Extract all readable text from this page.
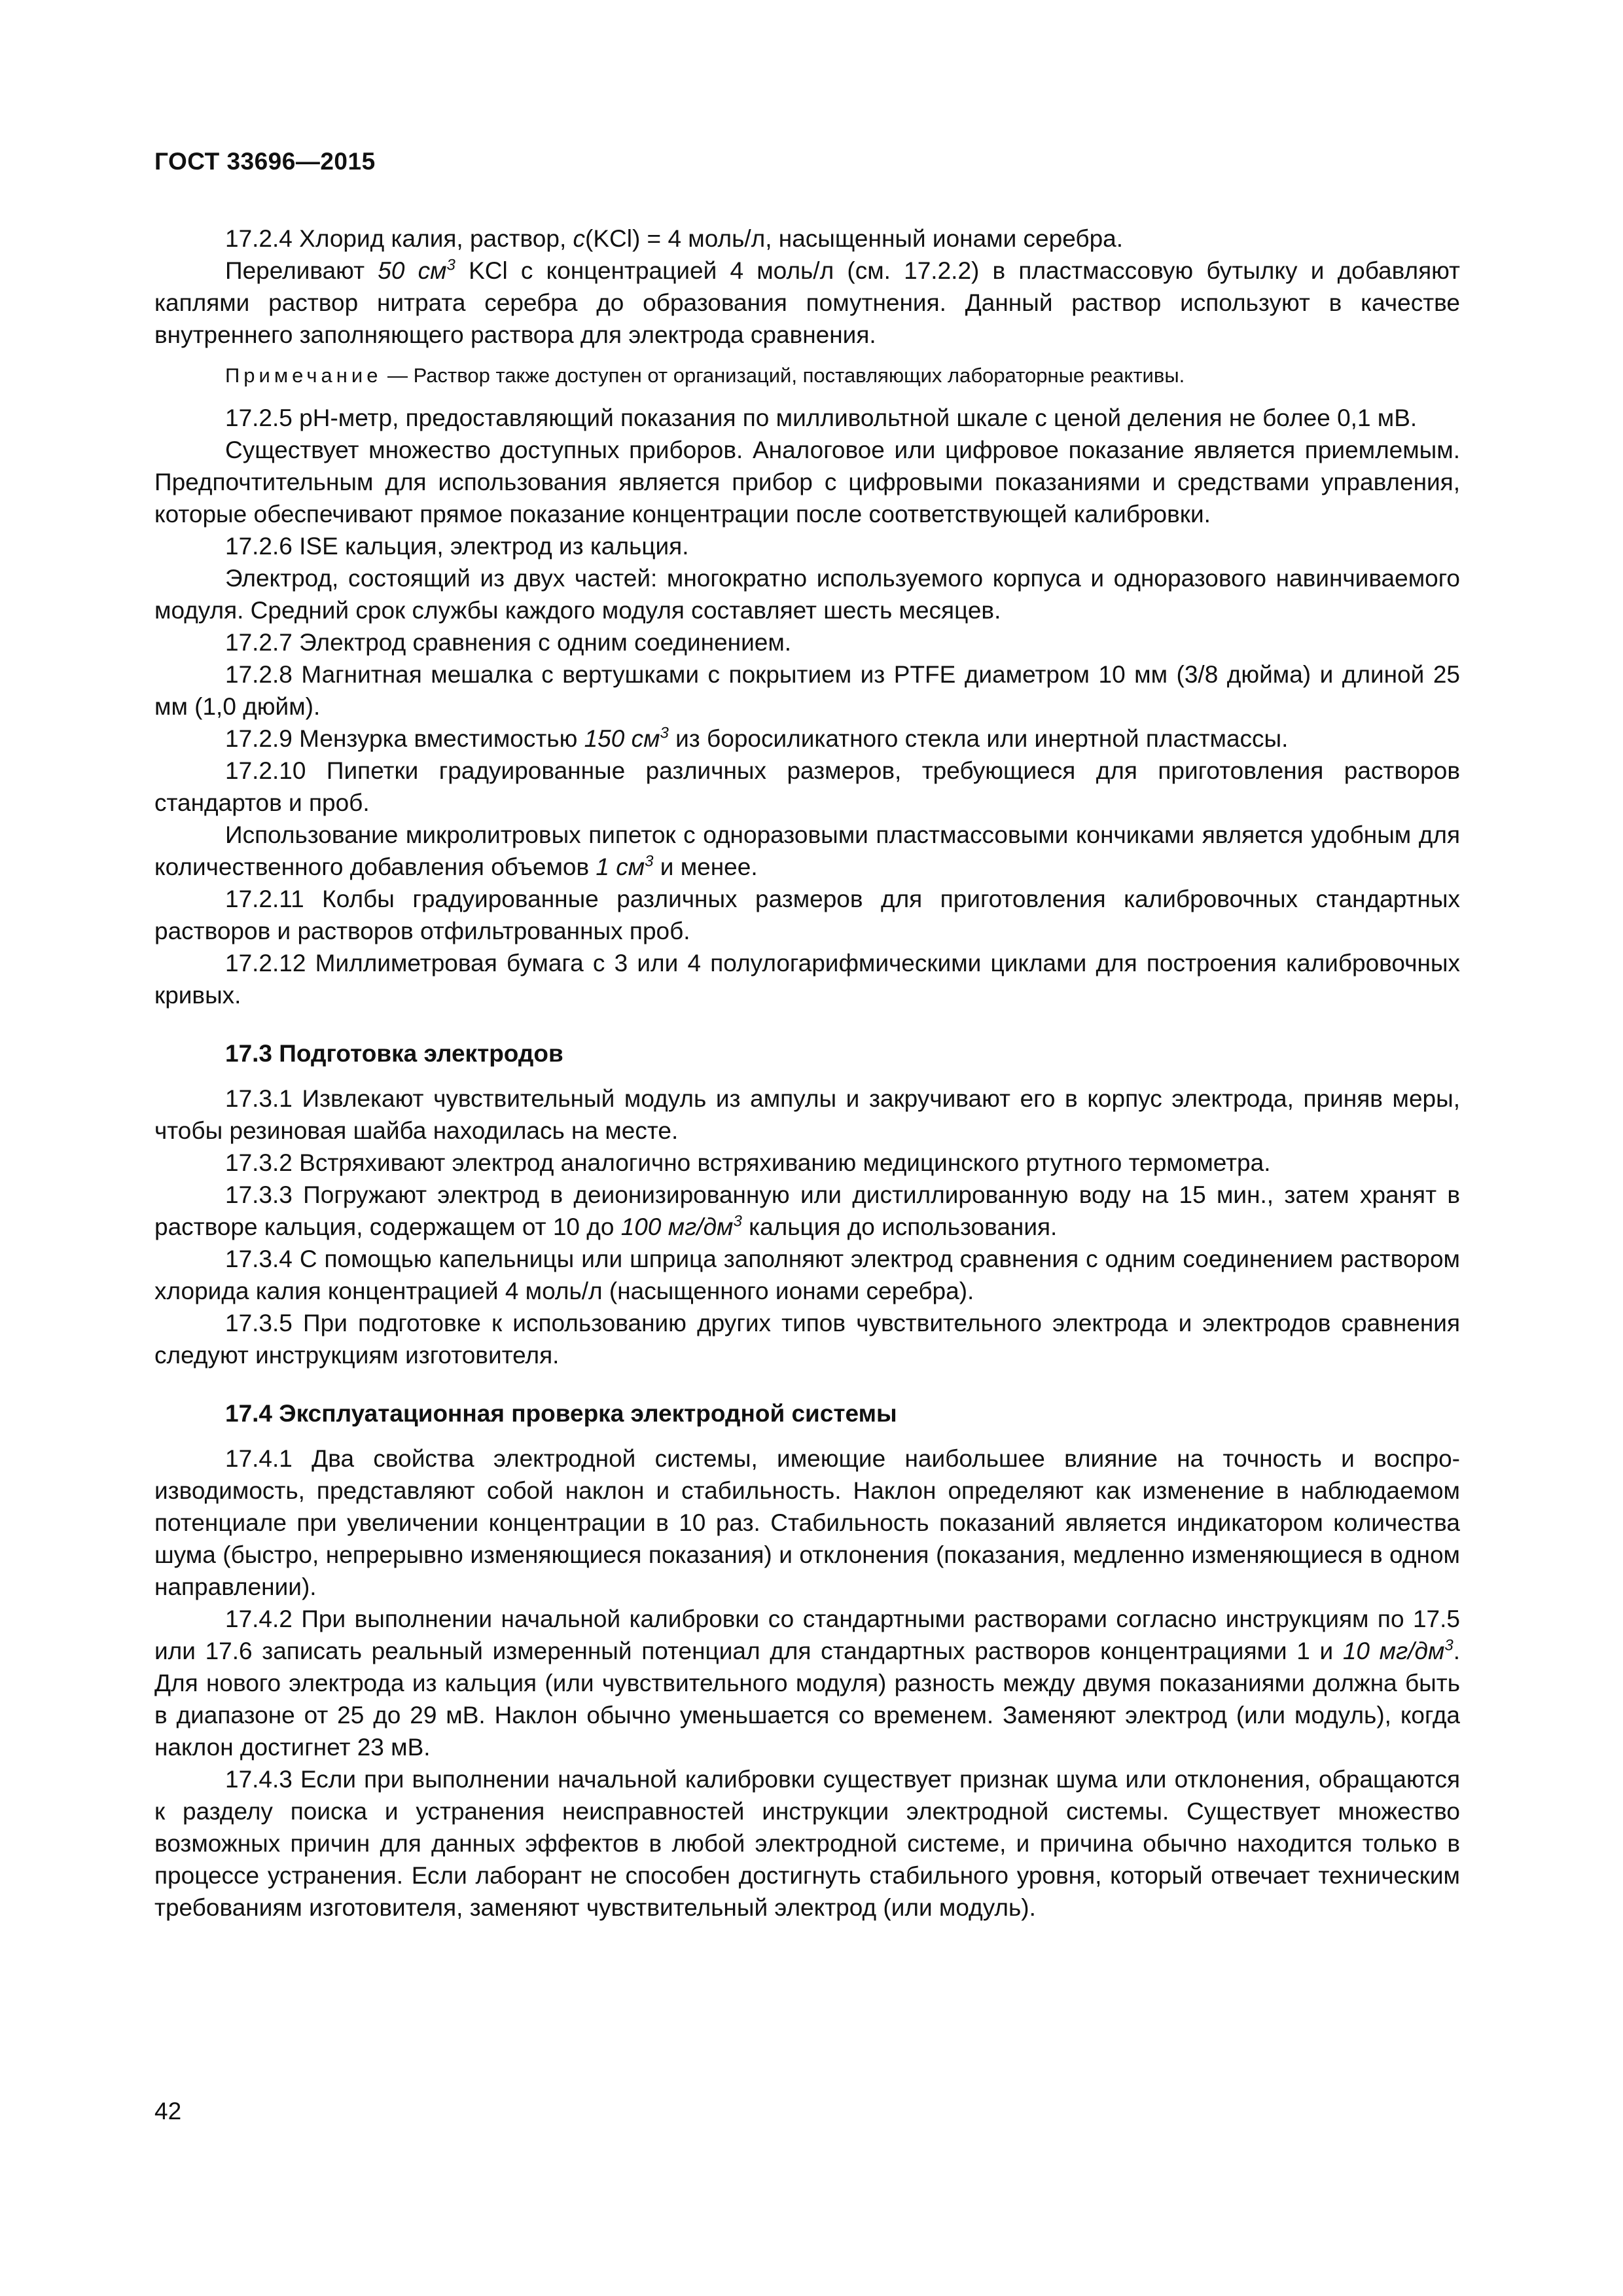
ГОСТ 33696—2015

17.2.4 Хлорид калия, раствор, c(KCl) = 4 моль/л, насыщенный ионами серебра.

Переливают 50 $см^3$ KCl с концентрацией 4 моль/л (см. 17.2.2) в пластмассовую бутылку и добавляют каплями раствор нитрата серебра до образования помутнения. Данный раствор используют в качестве внутреннего заполняющего раствора для электрода сравнения.

Примечание — Раствор также доступен от организаций, поставляющих лабораторные реактивы.

17.2.5 pH-метр, предоставляющий показания по милливольтной шкале с ценой деления не более 0,1 мВ.

Существует множество доступных приборов. Аналоговое или цифровое показание является приемлемым. Предпочтительным для использования является прибор с цифровыми показаниями и средствами управления, которые обеспечивают прямое показание концентрации после соответствующей калибровки.

17.2.6 ISE кальция, электрод из кальция.

Электрод, состоящий из двух частей: многократно используемого корпуса и одноразового навинчиваемого модуля. Средний срок службы каждого модуля составляет шесть месяцев.

17.2.7 Электрод сравнения с одним соединением.

17.2.8 Магнитная мешалка с вертушками с покрытием из PTFE диаметром 10 мм (3/8 дюйма) и длиной 25 мм (1,0 дюйм).

17.2.9 Мензурка вместимостью 150 $см^3$ из боросиликатного стекла или инертной пластмассы.

17.2.10 Пипетки градуированные различных размеров, требующиеся для приготовления растворов стандартов и проб.

Использование микролитровых пипеток с одноразовыми пластмассовыми кончиками является удобным для количественного добавления объемов 1 $см^3$ и менее.

17.2.11 Колбы градуированные различных размеров для приготовления калибровочных стандартных растворов и растворов отфильтрованных проб.

17.2.12 Миллиметровая бумага с 3 или 4 полулогарифмическими циклами для построения калибровочных кривых.

17.3 Подготовка электродов

17.3.1 Извлекают чувствительный модуль из ампулы и закручивают его в корпус электрода, приняв меры, чтобы резиновая шайба находилась на месте.

17.3.2 Встряхивают электрод аналогично встряхиванию медицинского ртутного термометра.

17.3.3 Погружают электрод в деионизированную или дистиллированную воду на 15 мин., затем хранят в растворе кальция, содержащем от 10 до 100 $мг/дм^3$ кальция до использования.

17.3.4 С помощью капельницы или шприца заполняют электрод сравнения с одним соединением раствором хлорида калия концентрацией 4 моль/л (насыщенного ионами серебра).

17.3.5 При подготовке к использованию других типов чувствительного электрода и электродов сравнения следуют инструкциям изготовителя.

17.4 Эксплуатационная проверка электродной системы

17.4.1 Два свойства электродной системы, имеющие наибольшее влияние на точность и воспроизводимость, представляют собой наклон и стабильность. Наклон определяют как изменение в наблюдаемом потенциале при увеличении концентрации в 10 раз. Стабильность показаний является индикатором количества шума (быстро, непрерывно изменяющиеся показания) и отклонения (показания, медленно изменяющиеся в одном направлении).

17.4.2 При выполнении начальной калибровки со стандартными растворами согласно инструкциям по 17.5 или 17.6 записать реальный измеренный потенциал для стандартных растворов концентрациями 1 и 10 $мг/дм^3$. Для нового электрода из кальция (или чувствительного модуля) разность между двумя показаниями должна быть в диапазоне от 25 до 29 мВ. Наклон обычно уменьшается со временем. Заменяют электрод (или модуль), когда наклон достигнет 23 мВ.

17.4.3 Если при выполнении начальной калибровки существует признак шума или отклонения, обращаются к разделу поиска и устранения неисправностей инструкции электродной системы. Существует множество возможных причин для данных эффектов в любой электродной системе, и причина обычно находится только в процессе устранения. Если лаборант не способен достигнуть стабильного уровня, который отвечает техническим требованиям изготовителя, заменяют чувствительный электрод (или модуль).

42
